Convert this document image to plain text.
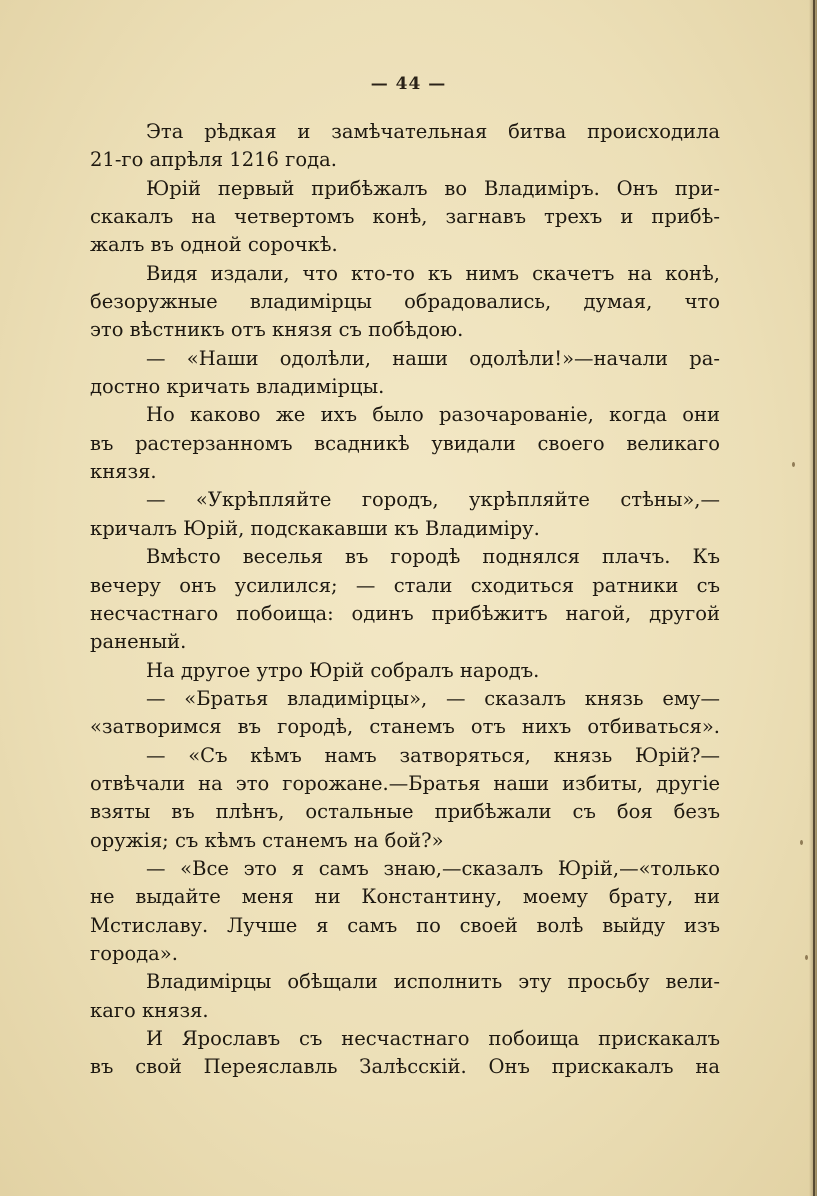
— 44 —
Эта рѣдкая и замѣчательная битва происходила
21-го апрѣля 1216 года.
Юрій первый прибѣжалъ во Владиміръ. Онъ при-
скакалъ на четвертомъ конѣ, загнавъ трехъ и прибѣ-
жалъ въ одной сорочкѣ.
Видя издали, что кто-то къ нимъ скачетъ на конѣ,
безоружные владимірцы обрадовались, думая, что
это вѣстникъ отъ князя съ побѣдою.
— «Наши одолѣли, наши одолѣли!»—начали ра-
достно кричать владимірцы.
Но каково же ихъ было разочарованіе, когда они
въ растерзанномъ всадникѣ увидали своего великаго
князя.
— «Укрѣпляйте городъ, укрѣпляйте стѣны»,—
кричалъ Юрій, подскакавши къ Владиміру.
Вмѣсто веселья въ городѣ поднялся плачъ. Къ
вечеру онъ усилился; — стали сходиться ратники съ
несчастнаго побоища: одинъ прибѣжитъ нагой, другой
раненый.
На другое утро Юрій собралъ народъ.
— «Братья владимірцы», — сказалъ князь ему—
«затворимся въ городѣ, станемъ отъ нихъ отбиваться».
— «Съ кѣмъ намъ затворяться, князь Юрій?—
отвѣчали на это горожане.—Братья наши избиты, другіе
взяты въ плѣнъ, остальные прибѣжали съ боя безъ
оружія; съ кѣмъ станемъ на бой?»
— «Все это я самъ знаю,—сказалъ Юрій,—«только
не выдайте меня ни Константину, моему брату, ни
Мстиславу. Лучше я самъ по своей волѣ выйду изъ
города».
Владимірцы обѣщали исполнить эту просьбу вели-
каго князя.
И Ярославъ съ несчастнаго побоища прискакалъ
въ свой Переяславль Залѣсскій. Онъ прискакалъ на
